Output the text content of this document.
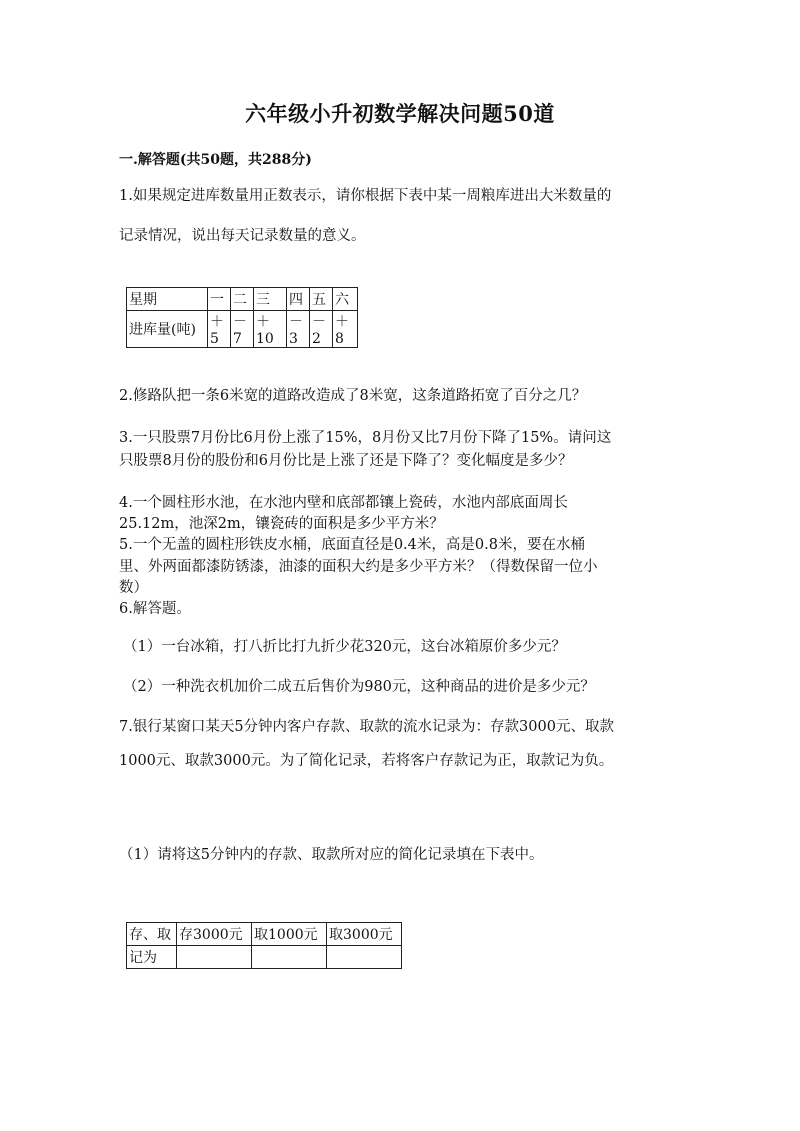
六年级小升初数学解决问题50道
一.解答题(共50题，共288分)
1.如果规定进库数量用正数表示，请你根据下表中某一周粮库进出大米数量的
记录情况，说出每天记录数量的意义。
星期	一	二	三	四	五	六
进库量(吨)	＋5	－7	＋10	－3	－2	＋8
2.修路队把一条6米宽的道路改造成了8米宽，这条道路拓宽了百分之几？
3.一只股票7月份比6月份上涨了15%，8月份又比7月份下降了15%。请问这
只股票8月份的股份和6月份比是上涨了还是下降了？变化幅度是多少？
4.一个圆柱形水池，在水池内壁和底部都镶上瓷砖，水池内部底面周长
25.12m，池深2m，镶瓷砖的面积是多少平方米？
5.一个无盖的圆柱形铁皮水桶，底面直径是0.4米，高是0.8米，要在水桶
里、外两面都漆防锈漆，油漆的面积大约是多少平方米？（得数保留一位小
数）
6.解答题。
（1）一台冰箱，打八折比打九折少花320元，这台冰箱原价多少元？
（2）一种洗衣机加价二成五后售价为980元，这种商品的进价是多少元？
7.银行某窗口某天5分钟内客户存款、取款的流水记录为：存款3000元、取款
1000元、取款3000元。为了简化记录，若将客户存款记为正，取款记为负。
（1）请将这5分钟内的存款、取款所对应的简化记录填在下表中。
存、取	存3000元	取1000元	取3000元
记为			
